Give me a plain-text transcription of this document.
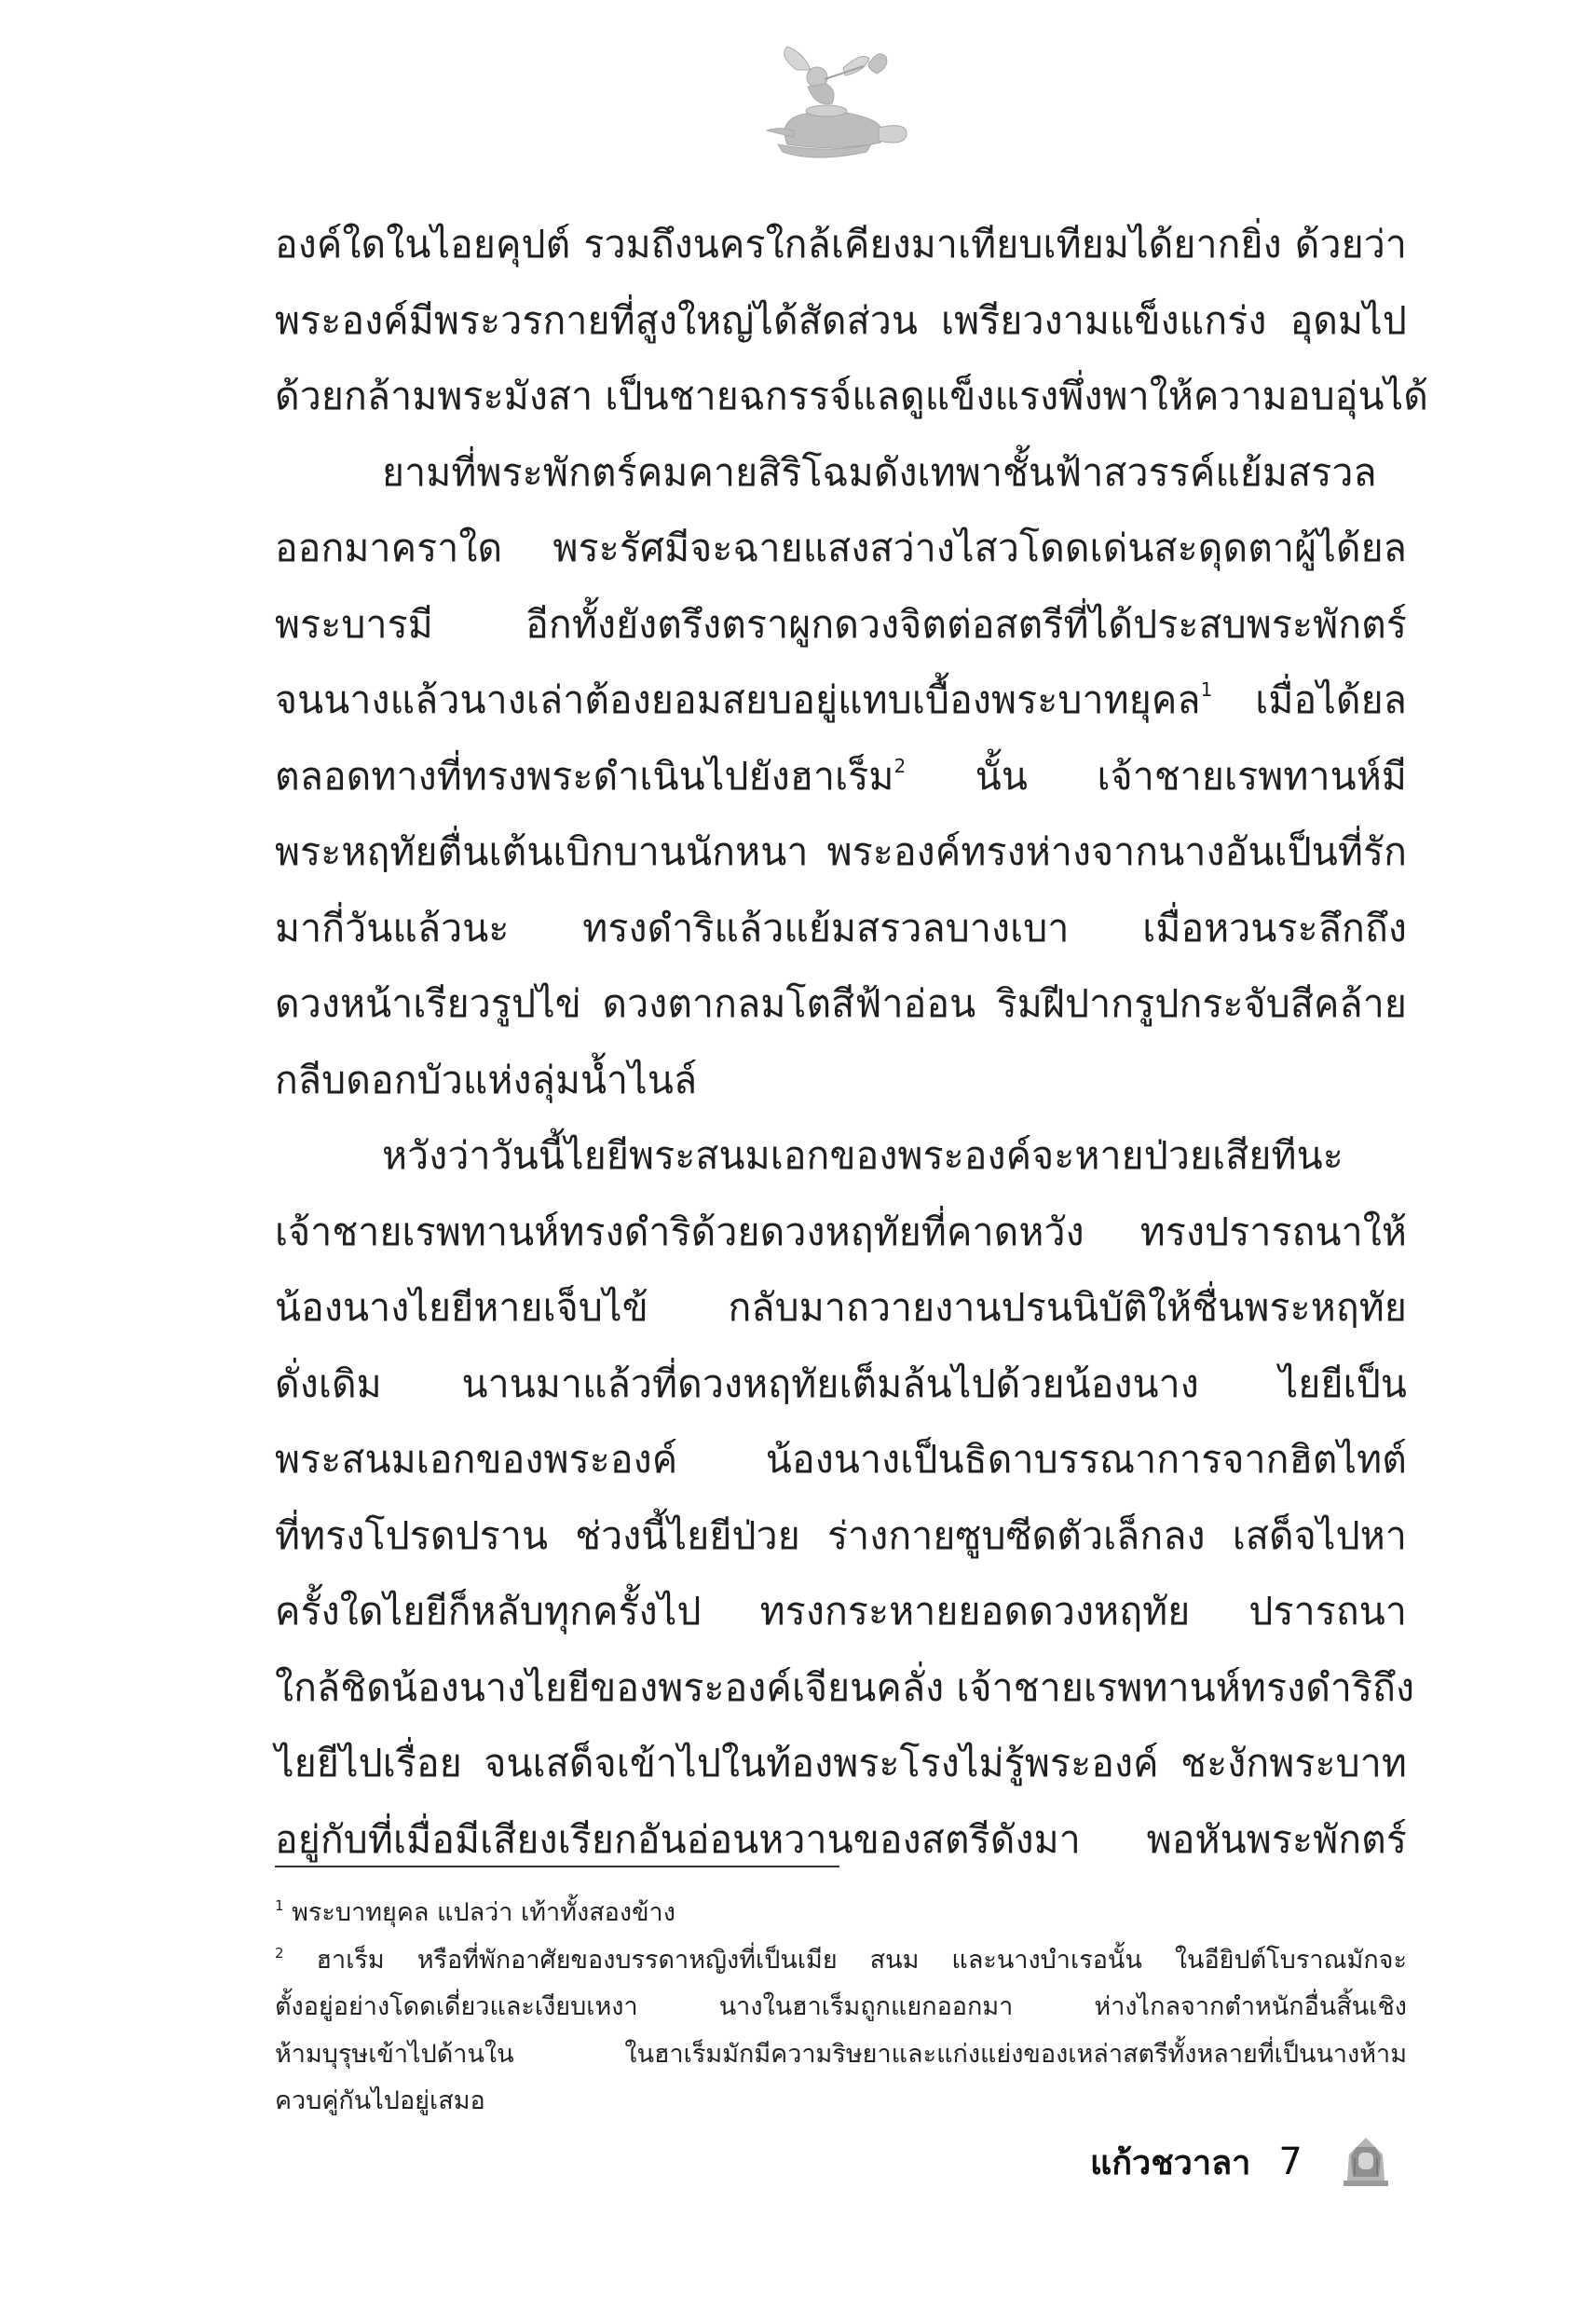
องค์ใดในไอยคุปต์ รวมถึงนครใกล้เคียงมาเทียบเทียมได้ยากยิ่ง ด้วยว่า
พระองค์มีพระวรกายที่สูงใหญ่ได้สัดส่วน เพรียวงามแข็งแกร่ง อุดมไป
ด้วยกล้ามพระมังสา เป็นชายฉกรรจ์แลดูแข็งแรงพึ่งพาให้ความอบอุ่นได้
ยามที่พระพักตร์คมคายสิริโฉมดังเทพาชั้นฟ้าสวรรค์แย้มสรวล
ออกมาคราใด พระรัศมีจะฉายแสงสว่างไสวโดดเด่นสะดุดตาผู้ได้ยล
พระบารมี อีกทั้งยังตรึงตราผูกดวงจิตต่อสตรีที่ได้ประสบพระพักตร์
จนนางแล้วนางเล่าต้องยอมสยบอยู่แทบเบื้องพระบาทยุคล$^1$ เมื่อได้ยล
ตลอดทางที่ทรงพระดำเนินไปยังฮาเร็ม$^2$ นั้น เจ้าชายเรพทานห์มี
พระหฤทัยตื่นเต้นเบิกบานนักหนา พระองค์ทรงห่างจากนางอันเป็นที่รัก
มากี่วันแล้วนะ ทรงดำริแล้วแย้มสรวลบางเบา เมื่อหวนระลึกถึง
ดวงหน้าเรียวรูปไข่ ดวงตากลมโตสีฟ้าอ่อน ริมฝีปากรูปกระจับสีคล้าย
กลีบดอกบัวแห่งลุ่มน้ำไนล์
หวังว่าวันนี้ไยยีพระสนมเอกของพระองค์จะหายป่วยเสียทีนะ
เจ้าชายเรพทานห์ทรงดำริด้วยดวงหฤทัยที่คาดหวัง ทรงปรารถนาให้
น้องนางไยยีหายเจ็บไข้ กลับมาถวายงานปรนนิบัติให้ชื่นพระหฤทัย
ดั่งเดิม นานมาแล้วที่ดวงหฤทัยเต็มล้นไปด้วยน้องนาง ไยยีเป็น
พระสนมเอกของพระองค์ น้องนางเป็นธิดาบรรณาการจากฮิตไทต์
ที่ทรงโปรดปราน ช่วงนี้ไยยีป่วย ร่างกายซูบซีดตัวเล็กลง เสด็จไปหา
ครั้งใดไยยีก็หลับทุกครั้งไป ทรงกระหายยอดดวงหฤทัย ปรารถนา
ใกล้ชิดน้องนางไยยีของพระองค์เจียนคลั่ง เจ้าชายเรพทานห์ทรงดำริถึง
ไยยีไปเรื่อย จนเสด็จเข้าไปในท้องพระโรงไม่รู้พระองค์ ชะงักพระบาท
อยู่กับที่เมื่อมีเสียงเรียกอันอ่อนหวานของสตรีดังมา พอหันพระพักตร์
$^1$ พระบาทยุคล แปลว่า เท้าทั้งสองข้าง
$^2$ ฮาเร็ม หรือที่พักอาศัยของบรรดาหญิงที่เป็นเมีย สนม และนางบำเรอนั้น ในอียิปต์โบราณมักจะ
ตั้งอยู่อย่างโดดเดี่ยวและเงียบเหงา นางในฮาเร็มถูกแยกออกมา ห่างไกลจากตำหนักอื่นสิ้นเชิง
ห้ามบุรุษเข้าไปด้านใน ในฮาเร็มมักมีความริษยาและแก่งแย่งของเหล่าสตรีทั้งหลายที่เป็นนางห้าม
ควบคู่กันไปอยู่เสมอ
แก้วชวาลา 7
